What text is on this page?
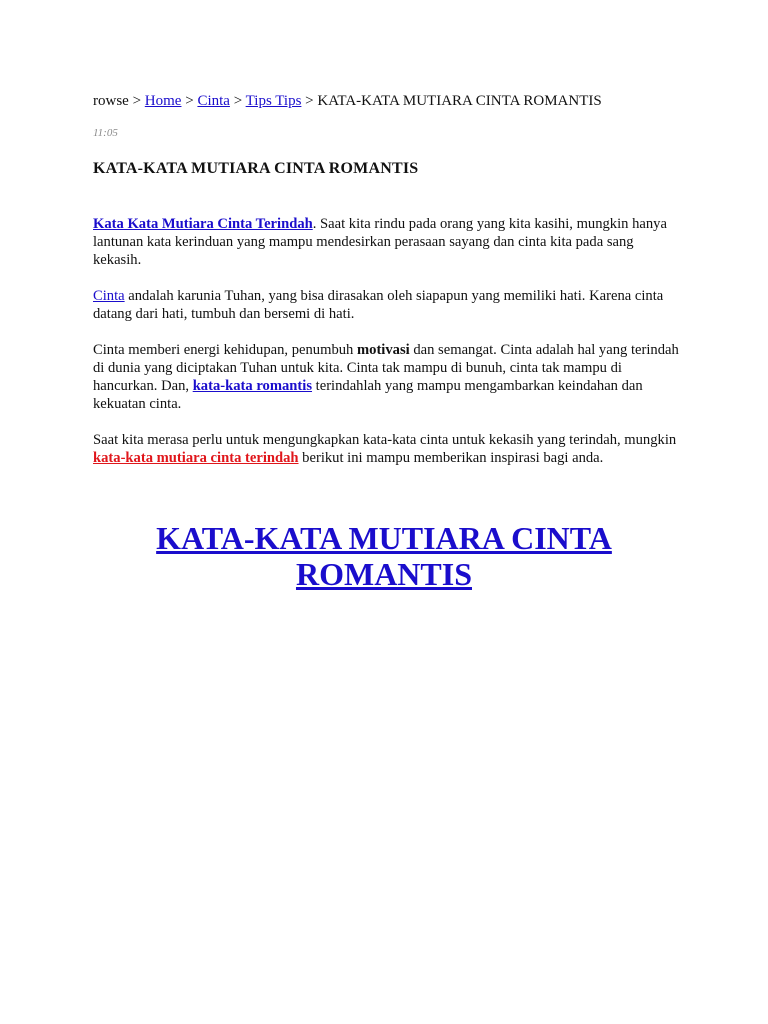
rowse > Home > Cinta > Tips Tips > KATA-KATA MUTIARA CINTA ROMANTIS
11:05
KATA-KATA MUTIARA CINTA ROMANTIS

Kata Kata Mutiara Cinta Terindah. Saat kita rindu pada orang yang kita kasihi, mungkin hanya lantunan kata kerinduan yang mampu mendesirkan perasaan sayang dan cinta kita pada sang kekasih.

Cinta andalah karunia Tuhan, yang bisa dirasakan oleh siapapun yang memiliki hati. Karena cinta datang dari hati, tumbuh dan bersemi di hati.

Cinta memberi energi kehidupan, penumbuh motivasi dan semangat. Cinta adalah hal yang terindah di dunia yang diciptakan Tuhan untuk kita. Cinta tak mampu di bunuh, cinta tak mampu di hancurkan. Dan, kata-kata romantis terindahlah yang mampu mengambarkan keindahan dan kekuatan cinta.

Saat kita merasa perlu untuk mengungkapkan kata-kata cinta untuk kekasih yang terindah, mungkin kata-kata mutiara cinta terindah berikut ini mampu memberikan inspirasi bagi anda.

KATA-KATA MUTIARA CINTA
ROMANTIS
